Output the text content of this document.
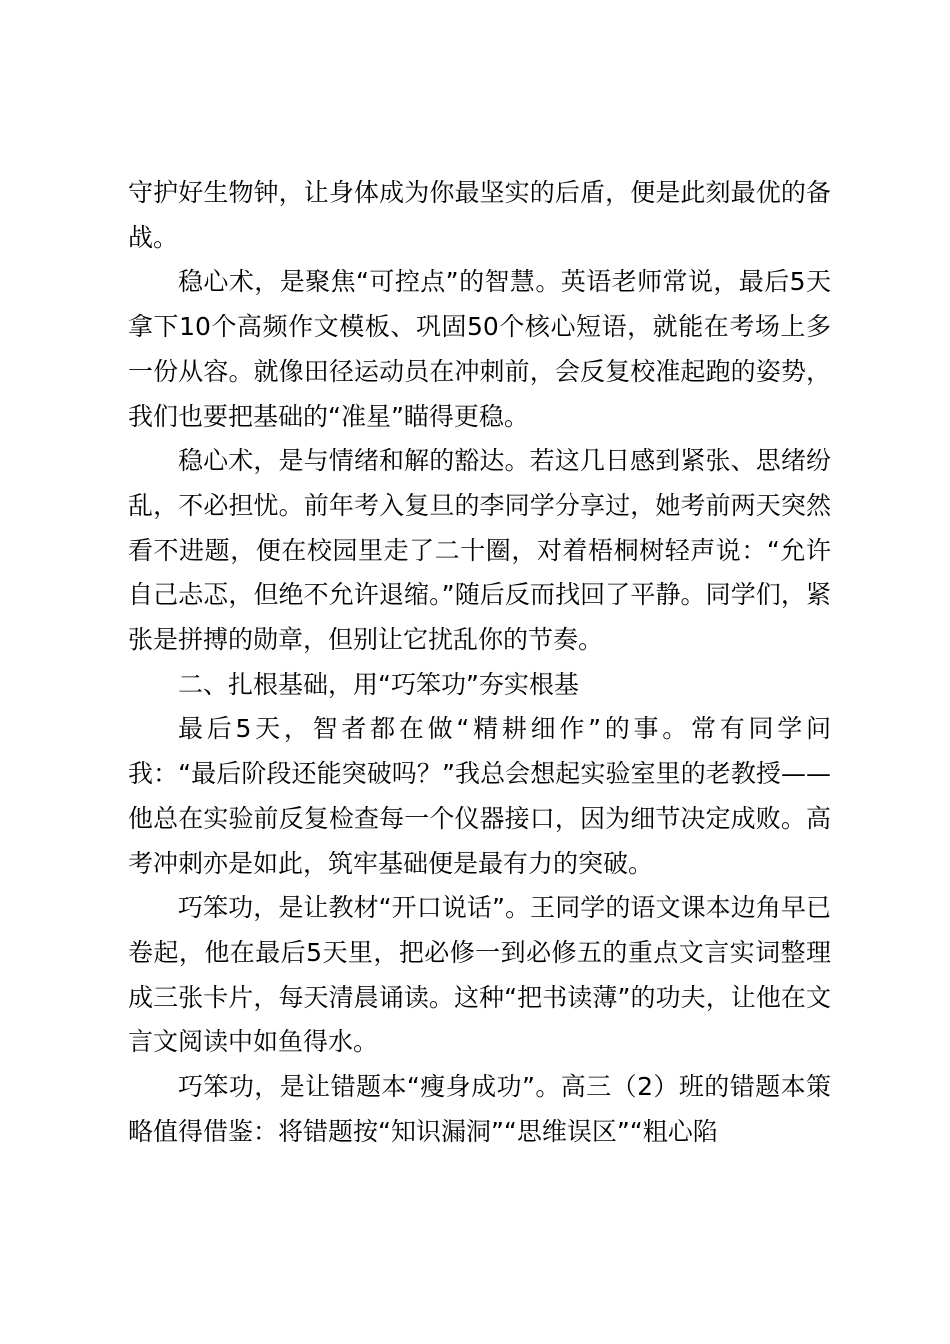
守护好生物钟，让身体成为你最坚实的后盾，便是此刻最优的备战。

稳心术，是聚焦“可控点”的智慧。英语老师常说，最后5天拿下10个高频作文模板、巩固50个核心短语，就能在考场上多一份从容。就像田径运动员在冲刺前，会反复校准起跑的姿势，我们也要把基础的“准星”瞄得更稳。

稳心术，是与情绪和解的豁达。若这几日感到紧张、思绪纷乱，不必担忧。前年考入复旦的李同学分享过，她考前两天突然看不进题，便在校园里走了二十圈，对着梧桐树轻声说：“允许自己忐忑，但绝不允许退缩。”随后反而找回了平静。同学们，紧张是拼搏的勋章，但别让它扰乱你的节奏。

二、扎根基础，用“巧笨功”夯实根基

最后5天，智者都在做“精耕细作”的事。常有同学问我：“最后阶段还能突破吗？”我总会想起实验室里的老教授——他总在实验前反复检查每一个仪器接口，因为细节决定成败。高考冲刺亦是如此，筑牢基础便是最有力的突破。

巧笨功，是让教材“开口说话”。王同学的语文课本边角早已卷起，他在最后5天里，把必修一到必修五的重点文言实词整理成三张卡片，每天清晨诵读。这种“把书读薄”的功夫，让他在文言文阅读中如鱼得水。

巧笨功，是让错题本“瘦身成功”。高三（2）班的错题本策略值得借鉴：将错题按“知识漏洞”“思维误区”“粗心陷
